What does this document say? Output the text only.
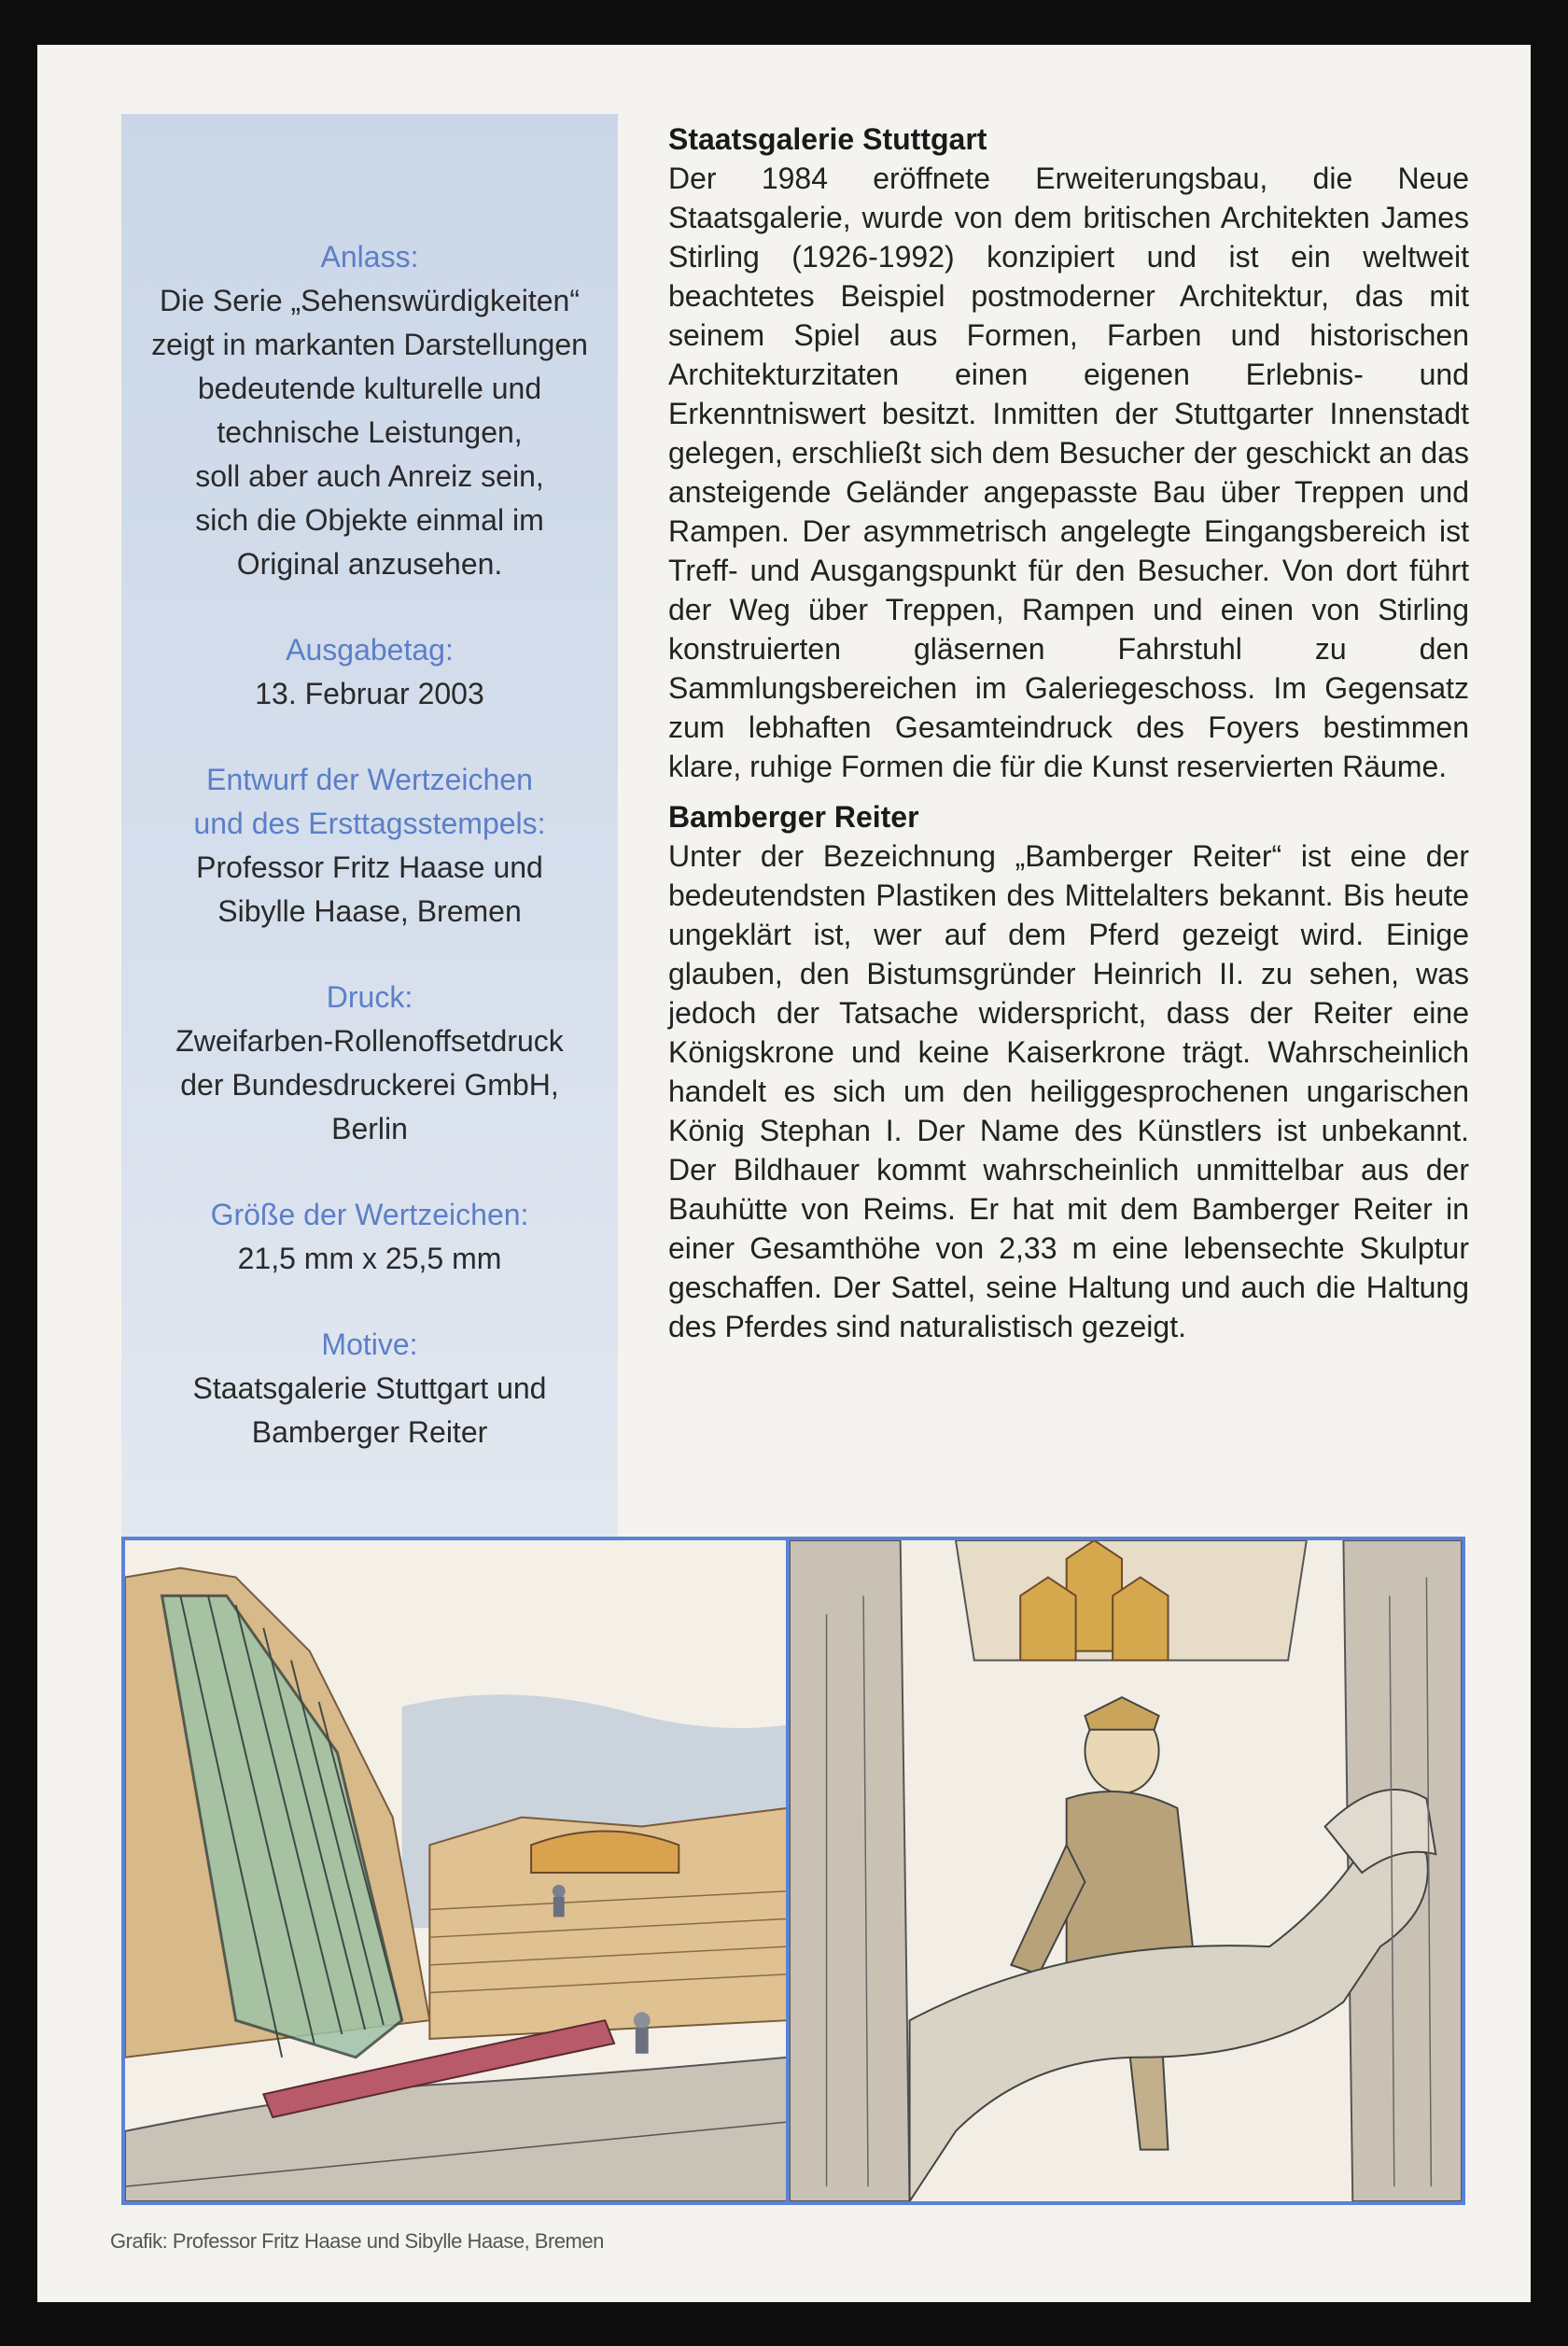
Anlass:
Die Serie „Sehenswürdigkeiten“
zeigt in markanten Darstellungen
bedeutende kulturelle und
technische Leistungen,
soll aber auch Anreiz sein,
sich die Objekte einmal im
Original anzusehen.
Ausgabetag:
13. Februar 2003
Entwurf der Wertzeichen
und des Ersttagsstempels:
Professor Fritz Haase und
Sibylle Haase, Bremen
Druck:
Zweifarben-Rollenoffsetdruck
der Bundesdruckerei GmbH,
Berlin
Größe der Wertzeichen:
21,5 mm x 25,5 mm
Motive:
Staatsgalerie Stuttgart und
Bamberger Reiter
Staatsgalerie Stuttgart

Der 1984 eröffnete Erweiterungsbau, die Neue Staatsgalerie, wurde von dem britischen Architekten James Stirling (1926-1992) konzipiert und ist ein weltweit beachtetes Beispiel postmoderner Architektur, das mit seinem Spiel aus Formen, Farben und historischen Architekturzitaten einen eigenen Erlebnis- und Erkenntniswert besitzt. Inmitten der Stuttgarter Innenstadt gelegen, erschließt sich dem Besucher der geschickt an das ansteigende Geländer angepasste Bau über Treppen und Rampen. Der asymmetrisch angelegte Eingangsbereich ist Treff- und Ausgangspunkt für den Besucher. Von dort führt der Weg über Treppen, Rampen und einen von Stirling konstruierten gläsernen Fahrstuhl zu den Sammlungsbereichen im Galeriegeschoss. Im Gegensatz zum lebhaften Gesamteindruck des Foyers bestimmen klare, ruhige Formen die für die Kunst reservierten Räume.

Bamberger Reiter

Unter der Bezeichnung „Bamberger Reiter“ ist eine der bedeutendsten Plastiken des Mittelalters bekannt. Bis heute ungeklärt ist, wer auf dem Pferd gezeigt wird. Einige glauben, den Bistumsgründer Heinrich II. zu sehen, was jedoch der Tatsache widerspricht, dass der Reiter eine Königskrone und keine Kaiserkrone trägt. Wahrscheinlich handelt es sich um den heiliggesprochenen ungarischen König Stephan I. Der Name des Künstlers ist unbekannt. Der Bildhauer kommt wahrscheinlich unmittelbar aus der Bauhütte von Reims. Er hat mit dem Bamberger Reiter in einer Gesamthöhe von 2,33 m eine lebensechte Skulptur geschaffen. Der Sattel, seine Haltung und auch die Haltung des Pferdes sind naturalistisch gezeigt.

Grafik: Professor Fritz Haase und Sibylle Haase, Bremen
